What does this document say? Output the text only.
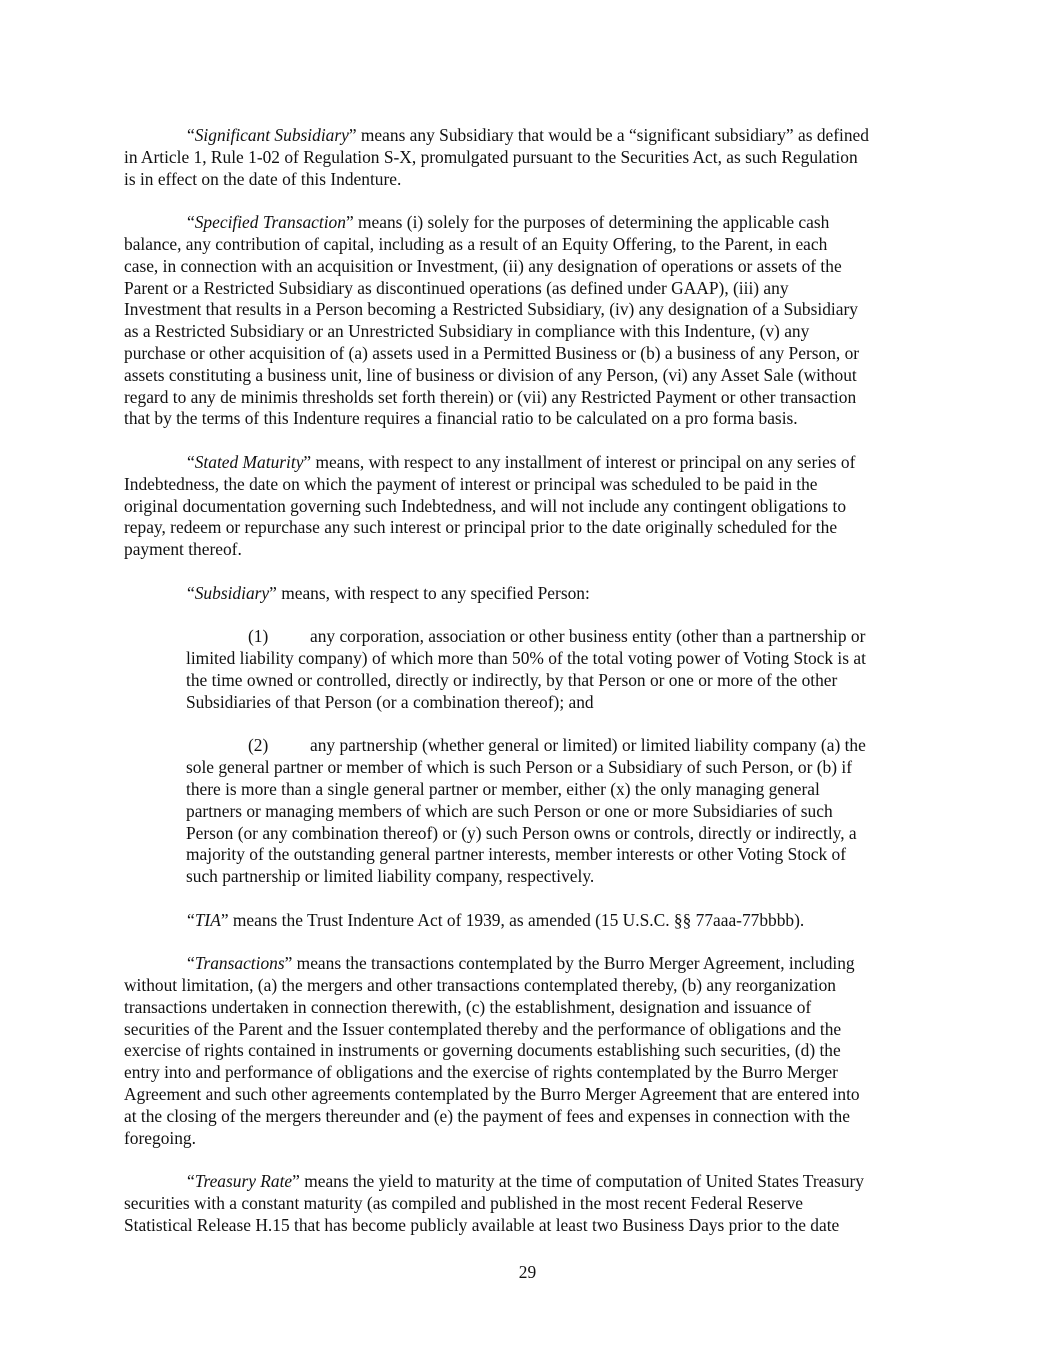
“Significant Subsidiary” means any Subsidiary that would be a “significant subsidiary” as defined
in Article 1, Rule 1-02 of Regulation S-X, promulgated pursuant to the Securities Act, as such Regulation
is in effect on the date of this Indenture.

“Specified Transaction” means (i) solely for the purposes of determining the applicable cash
balance, any contribution of capital, including as a result of an Equity Offering, to the Parent, in each
case, in connection with an acquisition or Investment, (ii) any designation of operations or assets of the
Parent or a Restricted Subsidiary as discontinued operations (as defined under GAAP), (iii) any
Investment that results in a Person becoming a Restricted Subsidiary, (iv) any designation of a Subsidiary
as a Restricted Subsidiary or an Unrestricted Subsidiary in compliance with this Indenture, (v) any
purchase or other acquisition of (a) assets used in a Permitted Business or (b) a business of any Person, or
assets constituting a business unit, line of business or division of any Person, (vi) any Asset Sale (without
regard to any de minimis thresholds set forth therein) or (vii) any Restricted Payment or other transaction
that by the terms of this Indenture requires a financial ratio to be calculated on a pro forma basis.

“Stated Maturity” means, with respect to any installment of interest or principal on any series of
Indebtedness, the date on which the payment of interest or principal was scheduled to be paid in the
original documentation governing such Indebtedness, and will not include any contingent obligations to
repay, redeem or repurchase any such interest or principal prior to the date originally scheduled for the
payment thereof.

“Subsidiary” means, with respect to any specified Person:

(1) any corporation, association or other business entity (other than a partnership or
limited liability company) of which more than 50% of the total voting power of Voting Stock is at
the time owned or controlled, directly or indirectly, by that Person or one or more of the other
Subsidiaries of that Person (or a combination thereof); and

(2) any partnership (whether general or limited) or limited liability company (a) the
sole general partner or member of which is such Person or a Subsidiary of such Person, or (b) if
there is more than a single general partner or member, either (x) the only managing general
partners or managing members of which are such Person or one or more Subsidiaries of such
Person (or any combination thereof) or (y) such Person owns or controls, directly or indirectly, a
majority of the outstanding general partner interests, member interests or other Voting Stock of
such partnership or limited liability company, respectively.

“TIA” means the Trust Indenture Act of 1939, as amended (15 U.S.C. §§ 77aaa-77bbbb).

“Transactions” means the transactions contemplated by the Burro Merger Agreement, including
without limitation, (a) the mergers and other transactions contemplated thereby, (b) any reorganization
transactions undertaken in connection therewith, (c) the establishment, designation and issuance of
securities of the Parent and the Issuer contemplated thereby and the performance of obligations and the
exercise of rights contained in instruments or governing documents establishing such securities, (d) the
entry into and performance of obligations and the exercise of rights contemplated by the Burro Merger
Agreement and such other agreements contemplated by the Burro Merger Agreement that are entered into
at the closing of the mergers thereunder and (e) the payment of fees and expenses in connection with the
foregoing.

“Treasury Rate” means the yield to maturity at the time of computation of United States Treasury
securities with a constant maturity (as compiled and published in the most recent Federal Reserve
Statistical Release H.15 that has become publicly available at least two Business Days prior to the date

29
